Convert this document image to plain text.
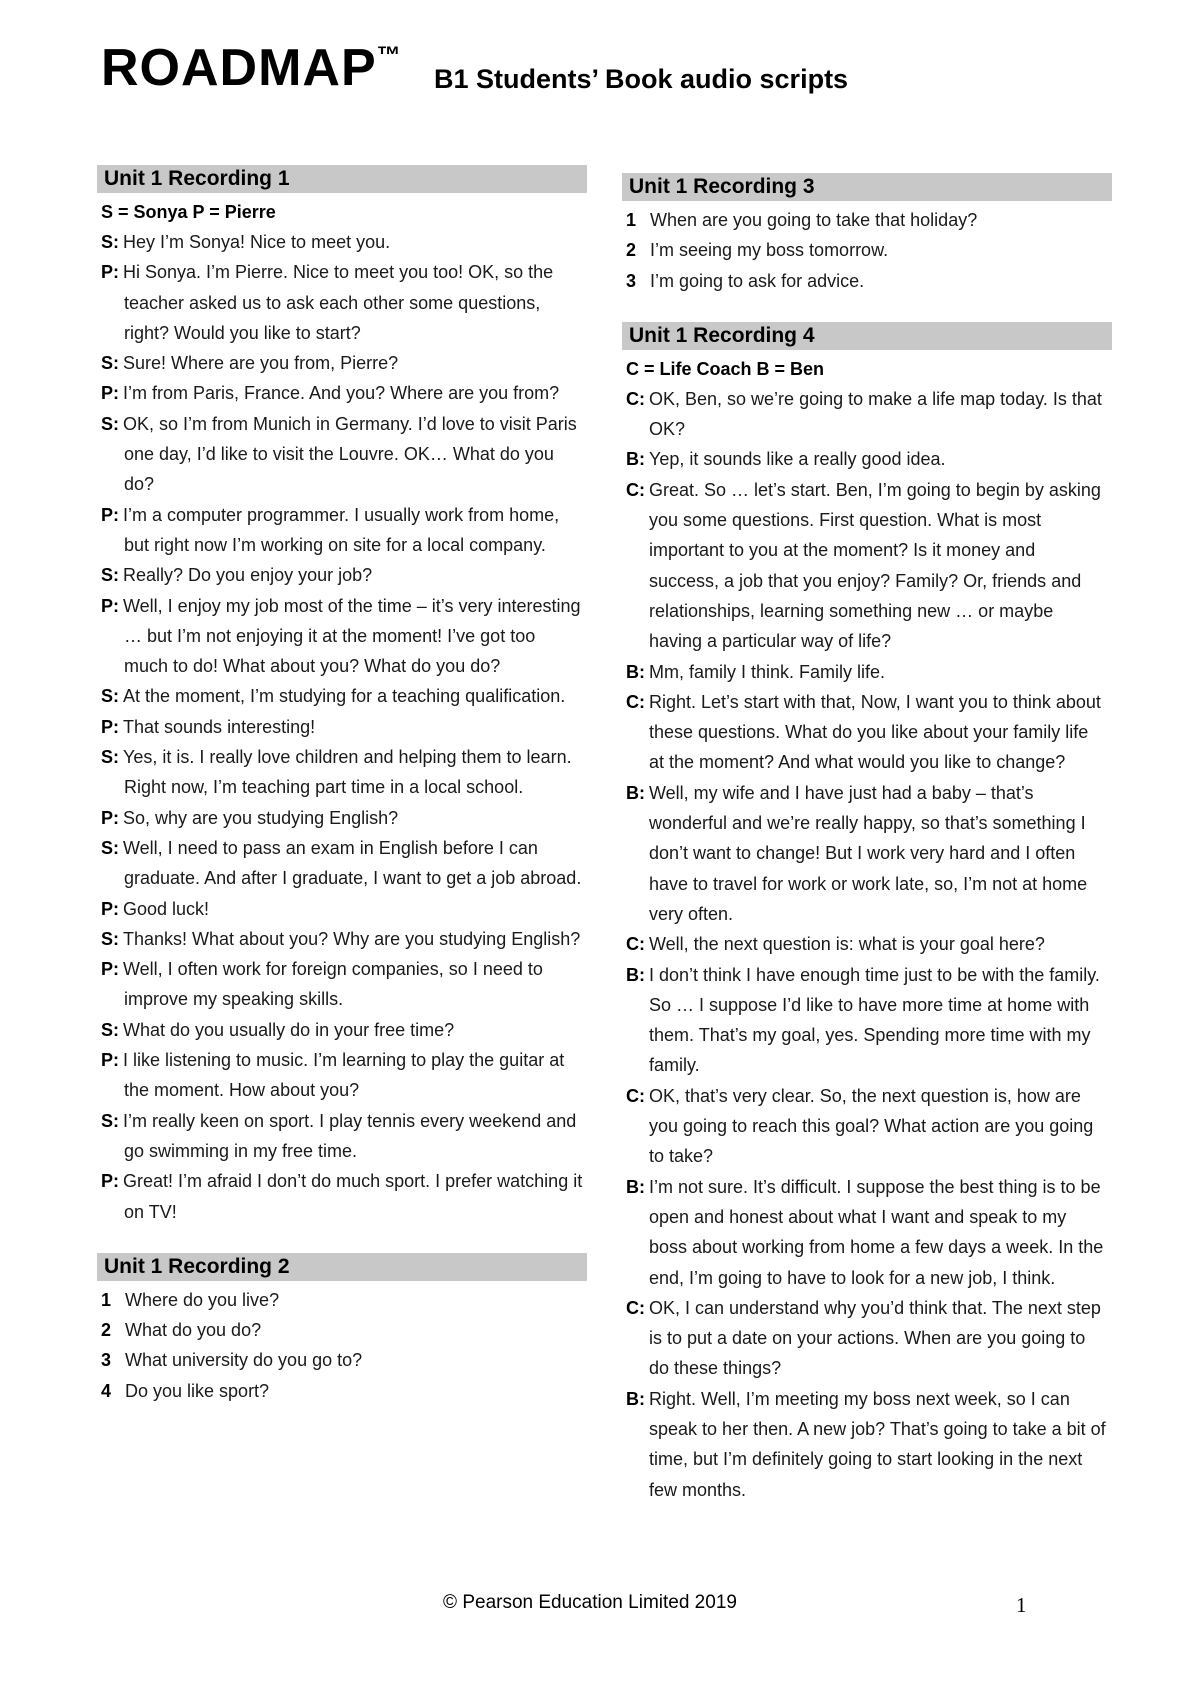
ROADMAP™
B1 Students’ Book audio scripts
Unit 1 Recording 1
S = Sonya P = Pierre
S: Hey I’m Sonya! Nice to meet you.
P: Hi Sonya. I’m Pierre. Nice to meet you too! OK, so the teacher asked us to ask each other some questions, right? Would you like to start?
S: Sure! Where are you from, Pierre?
P: I’m from Paris, France. And you? Where are you from?
S: OK, so I’m from Munich in Germany. I’d love to visit Paris one day, I’d like to visit the Louvre. OK… What do you do?
P: I’m a computer programmer. I usually work from home, but right now I’m working on site for a local company.
S: Really? Do you enjoy your job?
P: Well, I enjoy my job most of the time – it’s very interesting … but I’m not enjoying it at the moment! I’ve got too much to do! What about you? What do you do?
S: At the moment, I’m studying for a teaching qualification.
P: That sounds interesting!
S: Yes, it is. I really love children and helping them to learn. Right now, I’m teaching part time in a local school.
P: So, why are you studying English?
S: Well, I need to pass an exam in English before I can graduate. And after I graduate, I want to get a job abroad.
P: Good luck!
S: Thanks! What about you? Why are you studying English?
P: Well, I often work for foreign companies, so I need to improve my speaking skills.
S: What do you usually do in your free time?
P: I like listening to music. I’m learning to play the guitar at the moment. How about you?
S: I’m really keen on sport. I play tennis every weekend and go swimming in my free time.
P: Great! I’m afraid I don’t do much sport. I prefer watching it on TV!
Unit 1 Recording 2
1 Where do you live?
2 What do you do?
3 What university do you go to?
4 Do you like sport?
Unit 1 Recording 3
1 When are you going to take that holiday?
2 I’m seeing my boss tomorrow.
3 I’m going to ask for advice.
Unit 1 Recording 4
C = Life Coach B = Ben
C: OK, Ben, so we’re going to make a life map today. Is that OK?
B: Yep, it sounds like a really good idea.
C: Great. So … let’s start. Ben, I’m going to begin by asking you some questions. First question. What is most important to you at the moment? Is it money and success, a job that you enjoy? Family? Or, friends and relationships, learning something new … or maybe having a particular way of life?
B: Mm, family I think. Family life.
C: Right. Let’s start with that, Now, I want you to think about these questions. What do you like about your family life at the moment? And what would you like to change?
B: Well, my wife and I have just had a baby – that’s wonderful and we’re really happy, so that’s something I don’t want to change! But I work very hard and I often have to travel for work or work late, so, I’m not at home very often.
C: Well, the next question is: what is your goal here?
B: I don’t think I have enough time just to be with the family. So … I suppose I’d like to have more time at home with them. That’s my goal, yes. Spending more time with my family.
C: OK, that’s very clear. So, the next question is, how are you going to reach this goal? What action are you going to take?
B: I’m not sure. It’s difficult. I suppose the best thing is to be open and honest about what I want and speak to my boss about working from home a few days a week. In the end, I’m going to have to look for a new job, I think.
C: OK, I can understand why you’d think that. The next step is to put a date on your actions. When are you going to do these things?
B: Right. Well, I’m meeting my boss next week, so I can speak to her then. A new job? That’s going to take a bit of time, but I’m definitely going to start looking in the next few months.
© Pearson Education Limited 2019	1
